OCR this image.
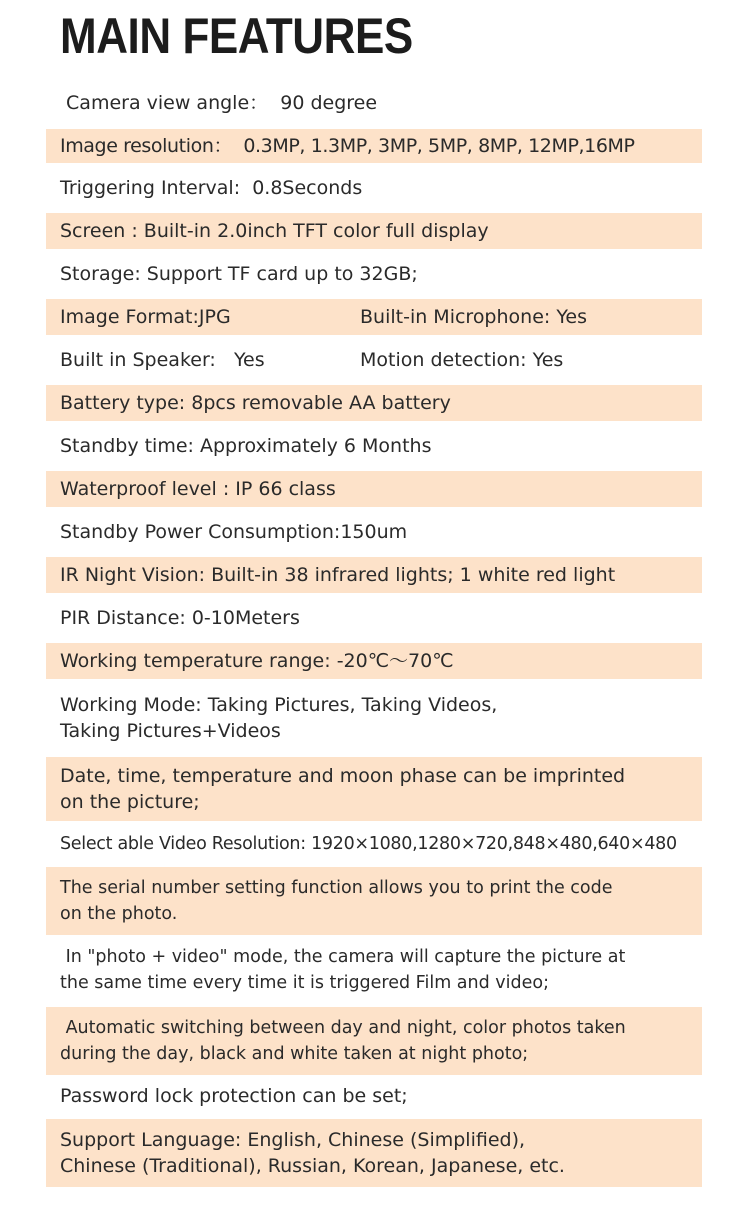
MAIN FEATURES
Camera view angle：  90 degree
Image resolution：  0.3MP, 1.3MP, 3MP, 5MP, 8MP, 12MP,16MP
Triggering Interval:  0.8Seconds
Screen : Built-in 2.0inch TFT color full display
Storage: Support TF card up to 32GB;
Image Format:JPG	Built-in Microphone: Yes
Built in Speaker:   Yes	Motion detection: Yes
Battery type: 8pcs removable AA battery
Standby time: Approximately 6 Months
Waterproof level : IP 66 class
Standby Power Consumption:150um
IR Night Vision: Built-in 38 infrared lights; 1 white red light
PIR Distance: 0-10Meters
Working temperature range: -20℃～70℃
Working Mode: Taking Pictures, Taking Videos,
Taking Pictures+Videos
Date, time, temperature and moon phase can be imprinted
on the picture;
Select able Video Resolution: 1920×1080,1280×720,848×480,640×480
The serial number setting function allows you to print the code
on the photo.
In "photo + video" mode, the camera will capture the picture at
the same time every time it is triggered Film and video;
Automatic switching between day and night, color photos taken
during the day, black and white taken at night photo;
Password lock protection can be set;
Support Language: English, Chinese (Simplified),
Chinese (Traditional), Russian, Korean, Japanese, etc.
